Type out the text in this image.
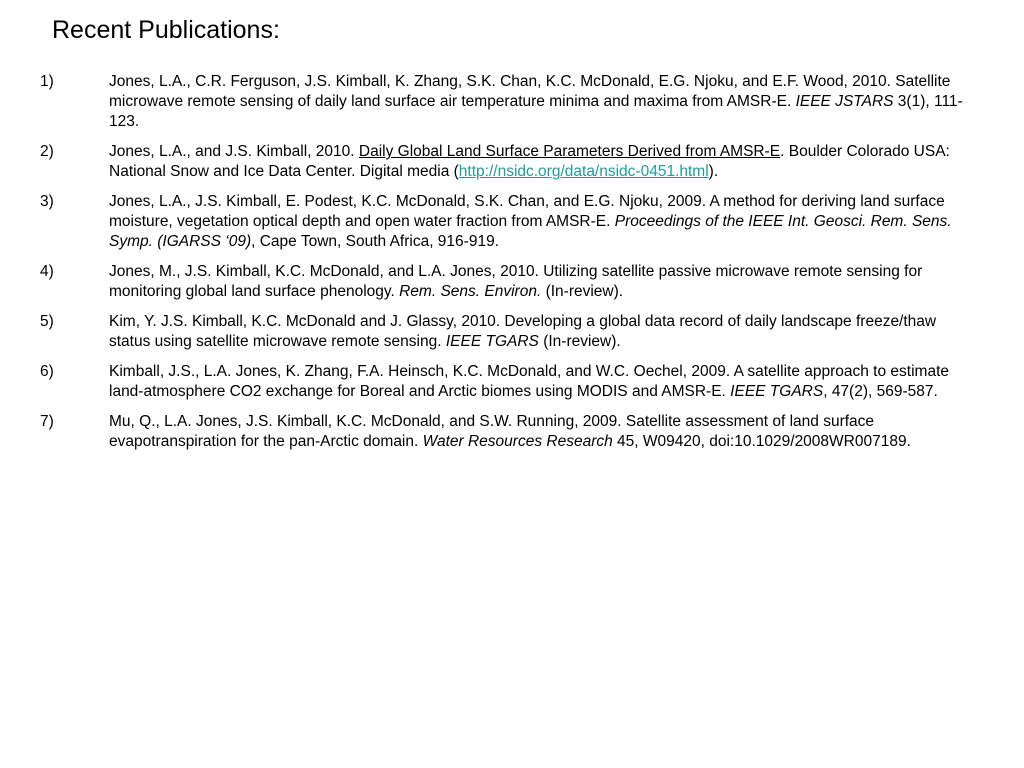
Recent Publications:
1)	Jones, L.A., C.R. Ferguson, J.S. Kimball, K. Zhang, S.K. Chan, K.C. McDonald, E.G. Njoku, and E.F. Wood, 2010. Satellite microwave remote sensing of daily land surface air temperature minima and maxima from AMSR-E. IEEE JSTARS 3(1), 111-123.
2)	Jones, L.A., and J.S. Kimball, 2010. Daily Global Land Surface Parameters Derived from AMSR-E. Boulder Colorado USA: National Snow and Ice Data Center. Digital media (http://nsidc.org/data/nsidc-0451.html).
3)	Jones, L.A., J.S. Kimball, E. Podest, K.C. McDonald, S.K. Chan, and E.G. Njoku, 2009. A method for deriving land surface moisture, vegetation optical depth and open water fraction from AMSR-E. Proceedings of the IEEE Int. Geosci. Rem. Sens. Symp. (IGARSS ‘09), Cape Town, South Africa, 916-919.
4)	Jones, M., J.S. Kimball, K.C. McDonald, and L.A. Jones, 2010. Utilizing satellite passive microwave remote sensing for monitoring global land surface phenology. Rem. Sens. Environ. (In-review).
5)	Kim, Y. J.S. Kimball, K.C. McDonald and J. Glassy, 2010. Developing a global data record of daily landscape freeze/thaw status using satellite microwave remote sensing. IEEE TGARS (In-review).
6)	Kimball, J.S., L.A. Jones, K. Zhang, F.A. Heinsch, K.C. McDonald, and W.C. Oechel, 2009. A satellite approach to estimate land-atmosphere CO2 exchange for Boreal and Arctic biomes using MODIS and AMSR-E. IEEE TGARS, 47(2), 569-587.
7)	Mu, Q., L.A. Jones, J.S. Kimball, K.C. McDonald, and S.W. Running, 2009. Satellite assessment of land surface evapotranspiration for the pan-Arctic domain. Water Resources Research 45, W09420, doi:10.1029/2008WR007189.
